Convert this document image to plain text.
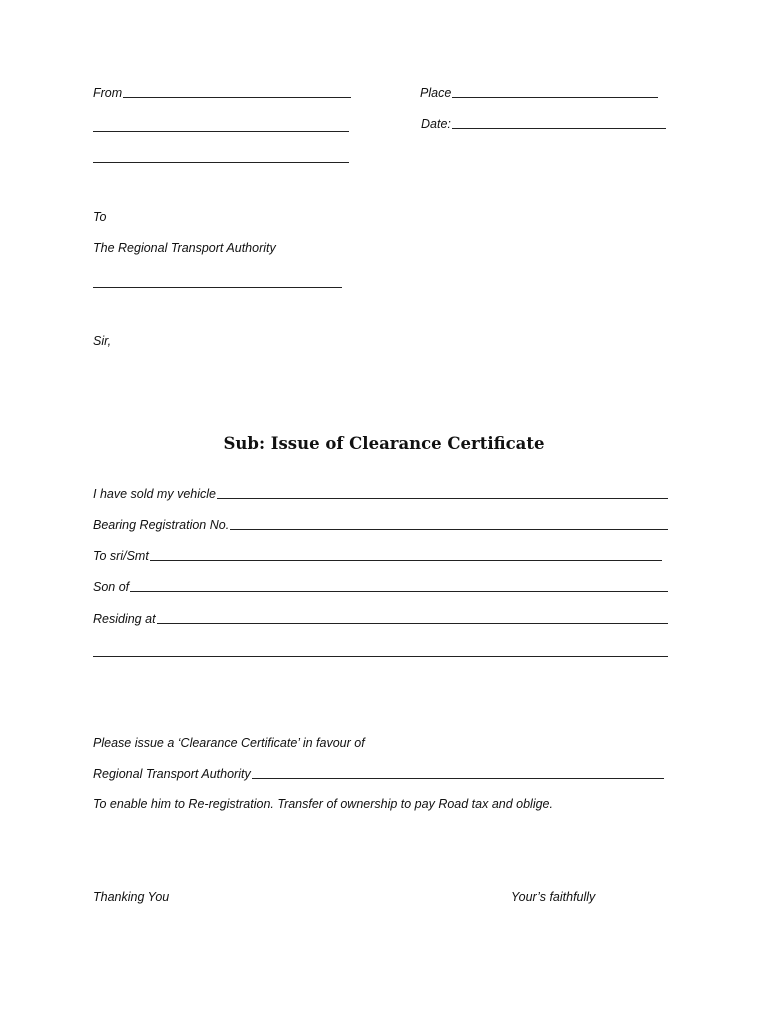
From	Place
Date:
To
The Regional Transport Authority
Sir,
Sub: Issue of Clearance Certificate
I have sold my vehicle
Bearing Registration No.
To sri/Smt
Son of
Residing at
Please issue a ‘Clearance Certificate’ in favour of
Regional Transport Authority
To enable him to Re-registration. Transfer of ownership to pay Road tax and oblige.
Thanking You	Your’s faithfully
